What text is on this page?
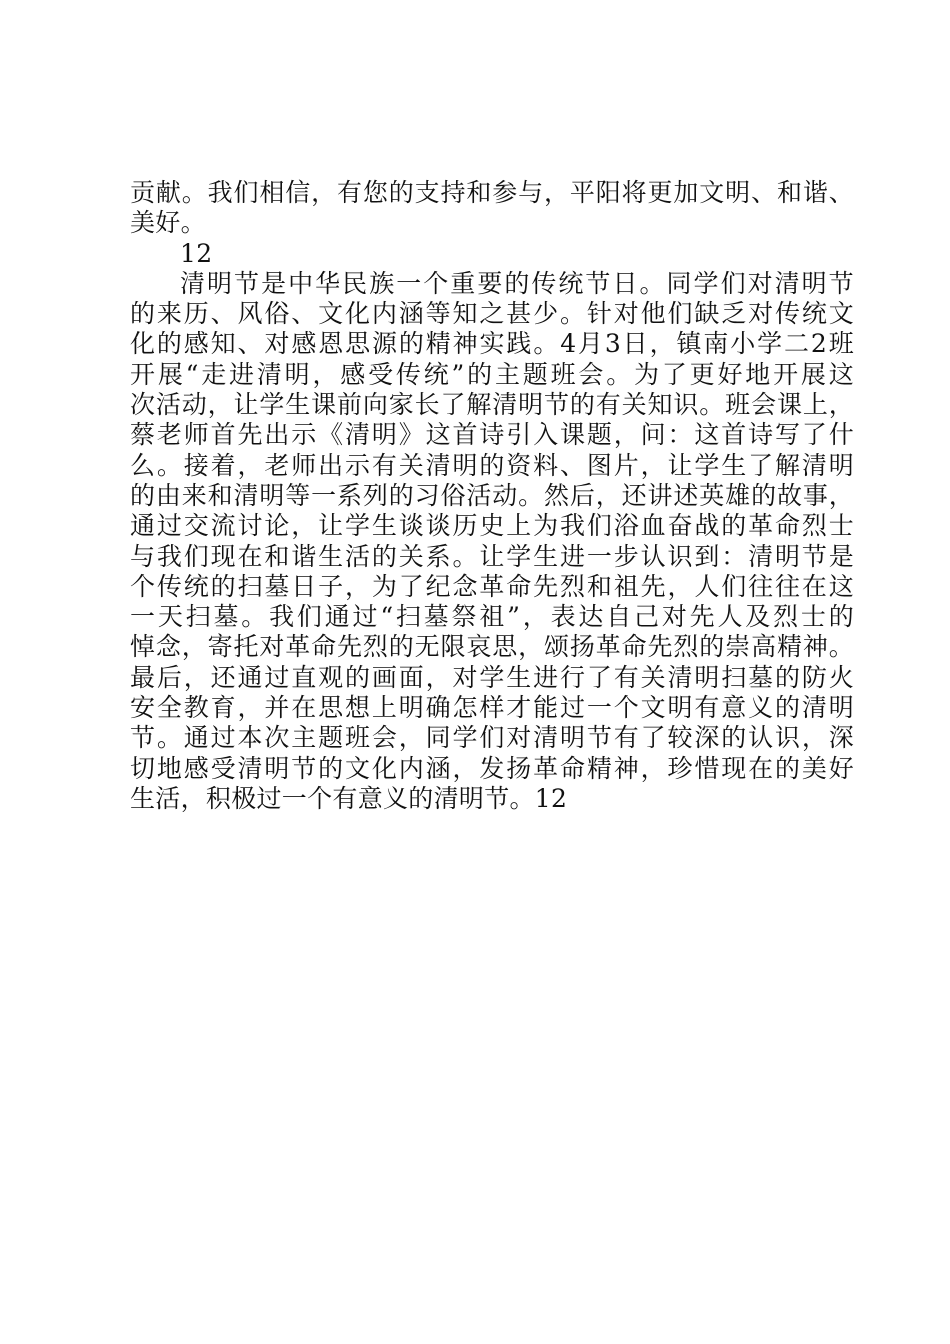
贡献。我们相信，有您的支持和参与，平阳将更加文明、和谐、
美好。
12
清明节是中华民族一个重要的传统节日。同学们对清明节
的来历、风俗、文化内涵等知之甚少。针对他们缺乏对传统文
化的感知、对感恩思源的精神实践。4月3日，镇南小学二2班
开展“走进清明，感受传统”的主题班会。为了更好地开展这
次活动，让学生课前向家长了解清明节的有关知识。班会课上，
蔡老师首先出示《清明》这首诗引入课题，问：这首诗写了什
么。接着，老师出示有关清明的资料、图片，让学生了解清明
的由来和清明等一系列的习俗活动。然后，还讲述英雄的故事，
通过交流讨论，让学生谈谈历史上为我们浴血奋战的革命烈士
与我们现在和谐生活的关系。让学生进一步认识到：清明节是
个传统的扫墓日子，为了纪念革命先烈和祖先，人们往往在这
一天扫墓。我们通过“扫墓祭祖”，表达自己对先人及烈士的
悼念，寄托对革命先烈的无限哀思，颂扬革命先烈的崇高精神。
最后，还通过直观的画面，对学生进行了有关清明扫墓的防火
安全教育，并在思想上明确怎样才能过一个文明有意义的清明
节。通过本次主题班会，同学们对清明节有了较深的认识，深
切地感受清明节的文化内涵，发扬革命精神，珍惜现在的美好
生活，积极过一个有意义的清明节。12
